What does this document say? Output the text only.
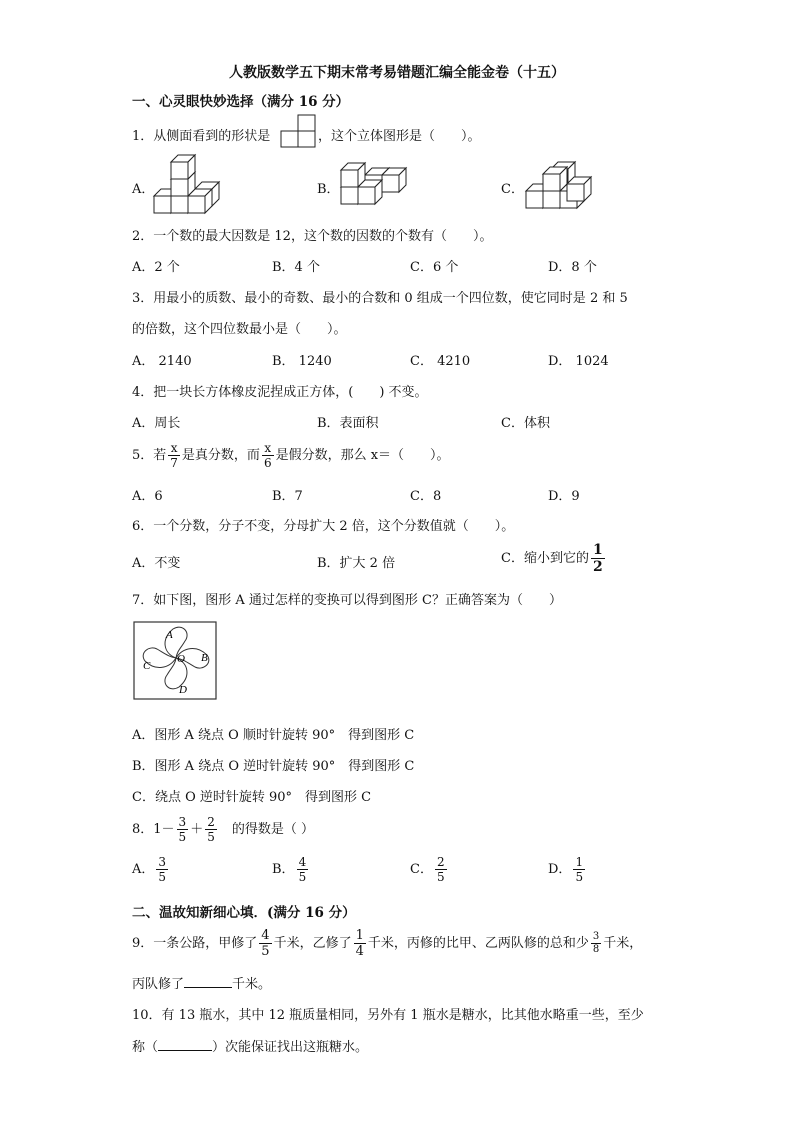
人教版数学五下期末常考易错题汇编全能金卷（十五）
一、心灵眼快妙选择（满分 16 分）
1．从侧面看到的形状是	，这个立体图形是（　　）。
A．	B．	C．
2．一个数的最大因数是 12，这个数的因数的个数有（　　）。
A．2 个	B．4 个	C．6 个	D．8 个
3．用最小的质数、最小的奇数、最小的合数和 0 组成一个四位数，使它同时是 2 和 5
的倍数，这个四位数最小是（　　）。
A． 2140	B． 1240	C． 4210	D． 1024
4．把一块长方体橡皮泥捏成正方体，(　　) 不变。
A．周长	B．表面积	C．体积
5．若 $\frac{x}{7}$ 是真分数，而 $\frac{x}{6}$ 是假分数，那么 x＝（　　）。
A．6	B．7	C．8	D．9
6．一个分数，分子不变，分母扩大 2 倍，这个分数值就（　　）。
A．不变	B．扩大 2 倍	C．缩小到它的 $\frac{1}{2}$
7．如下图，图形 A 通过怎样的变换可以得到图形 C？正确答案为（　　）
A
O B
C
D
A．图形 A 绕点 O 顺时针旋转 90°　得到图形 C
B．图形 A 绕点 O 逆时针旋转 90°　得到图形 C
C．绕点 O 逆时针旋转 90°　得到图形 C
8．$1- \frac{3}{5} + \frac{2}{5}$ 　的得数是（ ）
A． $\frac{3}{5}$	B． $\frac{4}{5}$	C． $\frac{2}{5}$	D． $\frac{1}{5}$
二、温故知新细心填．(满分 16 分）
9．一条公路，甲修了 $\frac{4}{5}$ 千米，乙修了 $\frac{1}{4}$ 千米，丙修的比甲、乙两队修的总和少 $\frac{3}{8}$ 千米，
丙队修了	千米。
10．有 13 瓶水，其中 12 瓶质量相同，另外有 1 瓶水是糖水，比其他水略重一些，至少
称（	）次能保证找出这瓶糖水。
